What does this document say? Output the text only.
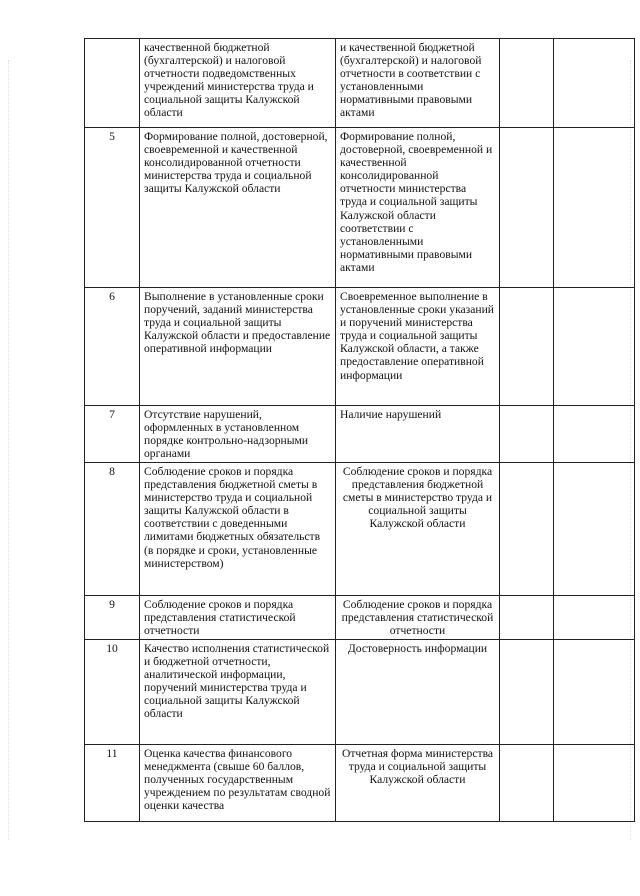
	качественной бюджетной (бухгалтерской) и налоговой отчетности подведомственных учреждений министерства труда и социальной защиты Калужской области	и качественной бюджетной (бухгалтерской) и налоговой отчетности в соответствии с установленными нормативными правовыми актами		
5	Формирование полной, достоверной, своевременной и качественной консолидированной отчетности министерства труда и социальной защиты Калужской области	Формирование полной, достоверной, своевременной и качественной консолидированной отчетности министерства труда и социальной защиты Калужской области соответствии с установленными нормативными правовыми актами		
6	Выполнение в установленные сроки поручений, заданий министерства труда и социальной защиты Калужской области и предоставление оперативной информации	Своевременное выполнение в установленные сроки указаний и поручений министерства труда и социальной защиты Калужской области, а также предоставление оперативной информации		
7	Отсутствие нарушений, оформленных в установленном порядке контрольно-надзорными органами	Наличие нарушений		
8	Соблюдение сроков и порядка представления бюджетной сметы в министерство труда и социальной защиты Калужской области в соответствии с доведенными лимитами бюджетных обязательств (в порядке и сроки, установленные министерством)	Соблюдение сроков и порядка представления бюджетной сметы в министерство труда и социальной защиты Калужской области		
9	Соблюдение сроков и порядка представления статистической отчетности	Соблюдение сроков и порядка представления статистической отчетности		
10	Качество исполнения статистической и бюджетной отчетности, аналитической информации, поручений министерства труда и социальной защиты Калужской области	Достоверность информации		
11	Оценка качества финансового менеджмента (свыше 60 баллов, полученных государственным учреждением по результатам сводной оценки качества	Отчетная форма министерства труда и социальной защиты Калужской области		
